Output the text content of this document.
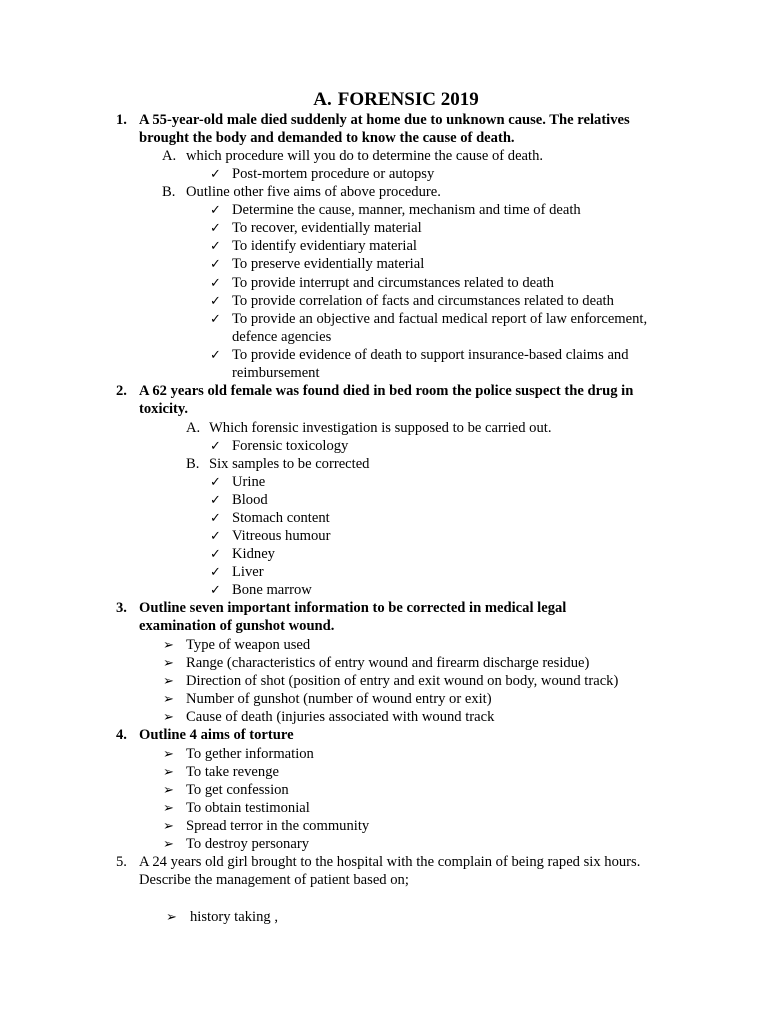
A. FORENSIC 2019
1. A 55-year-old male died suddenly at home due to unknown cause. The relatives
brought the body and demanded to know the cause of death.
A. which procedure will you do to determine the cause of death.
✓ Post-mortem procedure or autopsy
B. Outline other five aims of above procedure.
✓ Determine the cause, manner, mechanism and time of death
✓ To recover, evidentially material
✓ To identify evidentiary material
✓ To preserve evidentially material
✓ To provide interrupt and circumstances related to death
✓ To provide correlation of facts and circumstances related to death
✓ To provide an objective and factual medical report of law enforcement,
defence agencies
✓ To provide evidence of death to support insurance-based claims and
reimbursement
2. A 62 years old female was found died in bed room the police suspect the drug in
toxicity.
A. Which forensic investigation is supposed to be carried out.
✓ Forensic toxicology
B. Six samples to be corrected
✓ Urine
✓ Blood
✓ Stomach content
✓ Vitreous humour
✓ Kidney
✓ Liver
✓ Bone marrow
3. Outline seven important information to be corrected in medical legal
examination of gunshot wound.
➢ Type of weapon used
➢ Range (characteristics of entry wound and firearm discharge residue)
➢ Direction of shot (position of entry and exit wound on body, wound track)
➢ Number of gunshot (number of wound entry or exit)
➢ Cause of death (injuries associated with wound track
4. Outline 4 aims of torture
➢ To gether information
➢ To take revenge
➢ To get confession
➢ To obtain testimonial
➢ Spread terror in the community
➢ To destroy personary
5. A 24 years old girl brought to the hospital with the complain of being raped six hours.
Describe the management of patient based on;
➢ history taking ,
